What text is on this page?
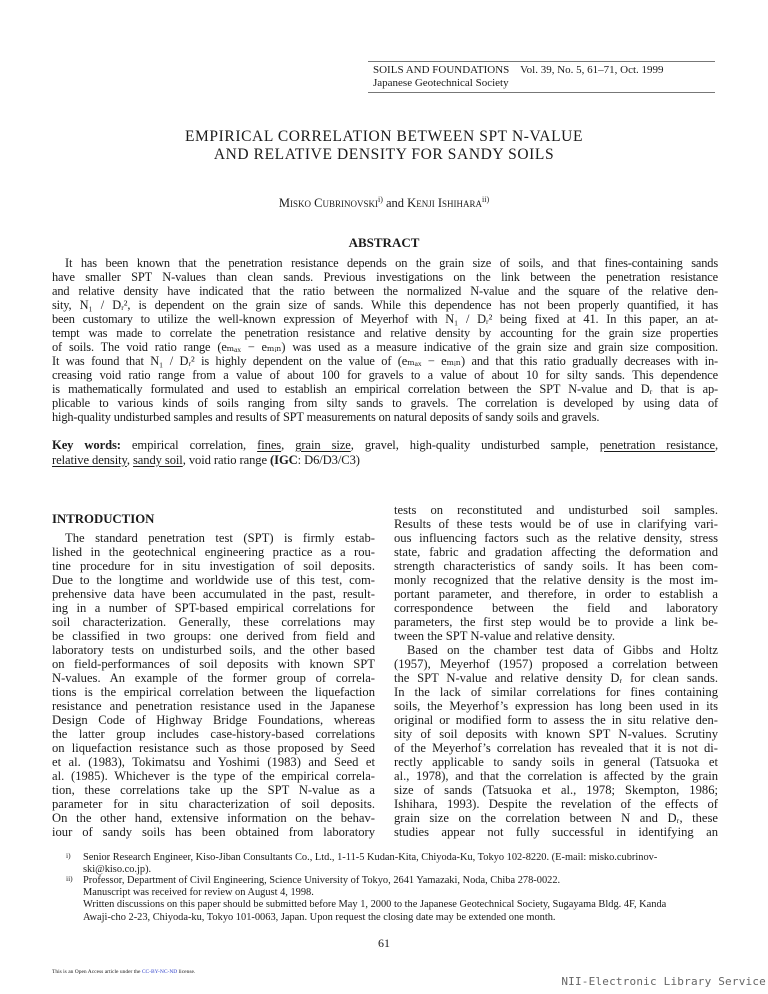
SOILS AND FOUNDATIONS Vol. 39, No. 5, 61–71, Oct. 1999
Japanese Geotechnical Society
EMPIRICAL CORRELATION BETWEEN SPT N-VALUE
AND RELATIVE DENSITY FOR SANDY SOILS
Misko Cubrinovski$^{i)}$ and Kenji Ishihara$^{ii)}$
ABSTRACT
It has been known that the penetration resistance depends on the grain size of soils, and that fines-containing sands
have smaller SPT N-values than clean sands. Previous investigations on the link between the penetration resistance
and relative density have indicated that the ratio between the normalized N-value and the square of the relative den-
sity, N₁ / Dᵣ², is dependent on the grain size of sands. While this dependence has not been properly quantified, it has
been customary to utilize the well-known expression of Meyerhof with N₁ / Dᵣ² being fixed at 41. In this paper, an at-
tempt was made to correlate the penetration resistance and relative density by accounting for the grain size properties
of soils. The void ratio range (eₘₐₓ − eₘᵢₙ) was used as a measure indicative of the grain size and grain size composition.
It was found that N₁ / Dᵣ² is highly dependent on the value of (eₘₐₓ − eₘᵢₙ) and that this ratio gradually decreases with in-
creasing void ratio range from a value of about 100 for gravels to a value of about 10 for silty sands. This dependence
is mathematically formulated and used to establish an empirical correlation between the SPT N-value and Dᵣ that is ap-
plicable to various kinds of soils ranging from silty sands to gravels. The correlation is developed by using data of
high-quality undisturbed samples and results of SPT measurements on natural deposits of sandy soils and gravels.
Key words: empirical correlation, fines, grain size, gravel, high-quality undisturbed sample, penetration resistance,
relative density, sandy soil, void ratio range (IGC: D6/D3/C3)
INTRODUCTION
The standard penetration test (SPT) is firmly estab-
lished in the geotechnical engineering practice as a rou-
tine procedure for in situ investigation of soil deposits.
Due to the longtime and worldwide use of this test, com-
prehensive data have been accumulated in the past, result-
ing in a number of SPT-based empirical correlations for
soil characterization. Generally, these correlations may
be classified in two groups: one derived from field and
laboratory tests on undisturbed soils, and the other based
on field-performances of soil deposits with known SPT
N-values. An example of the former group of correla-
tions is the empirical correlation between the liquefaction
resistance and penetration resistance used in the Japanese
Design Code of Highway Bridge Foundations, whereas
the latter group includes case-history-based correlations
on liquefaction resistance such as those proposed by Seed
et al. (1983), Tokimatsu and Yoshimi (1983) and Seed et
al. (1985). Whichever is the type of the empirical correla-
tion, these correlations take up the SPT N-value as a
parameter for in situ characterization of soil deposits.
On the other hand, extensive information on the behav-
iour of sandy soils has been obtained from laboratory
tests on reconstituted and undisturbed soil samples.
Results of these tests would be of use in clarifying vari-
ous influencing factors such as the relative density, stress
state, fabric and gradation affecting the deformation and
strength characteristics of sandy soils. It has been com-
monly recognized that the relative density is the most im-
portant parameter, and therefore, in order to establish a
correspondence between the field and laboratory
parameters, the first step would be to provide a link be-
tween the SPT N-value and relative density.
Based on the chamber test data of Gibbs and Holtz
(1957), Meyerhof (1957) proposed a correlation between
the SPT N-value and relative density Dᵣ for clean sands.
In the lack of similar correlations for fines containing
soils, the Meyerhof’s expression has long been used in its
original or modified form to assess the in situ relative den-
sity of soil deposits with known SPT N-values. Scrutiny
of the Meyerhof’s correlation has revealed that it is not di-
rectly applicable to sandy soils in general (Tatsuoka et
al., 1978), and that the correlation is affected by the grain
size of sands (Tatsuoka et al., 1978; Skempton, 1986;
Ishihara, 1993). Despite the revelation of the effects of
grain size on the correlation between N and Dᵣ, these
studies appear not fully successful in identifying an
i) Senior Research Engineer, Kiso-Jiban Consultants Co., Ltd., 1-11-5 Kudan-Kita, Chiyoda-Ku, Tokyo 102-8220. (E-mail: misko.cubrinov-
ski@kiso.co.jp).
ii) Professor, Department of Civil Engineering, Science University of Tokyo, 2641 Yamazaki, Noda, Chiba 278-0022.
Manuscript was received for review on August 4, 1998.
Written discussions on this paper should be submitted before May 1, 2000 to the Japanese Geotechnical Society, Sugayama Bldg. 4F, Kanda
Awaji-cho 2-23, Chiyoda-ku, Tokyo 101-0063, Japan. Upon request the closing date may be extended one month.
61
This is an Open Access article under the CC-BY-NC-ND license.
NII-Electronic Library Service
